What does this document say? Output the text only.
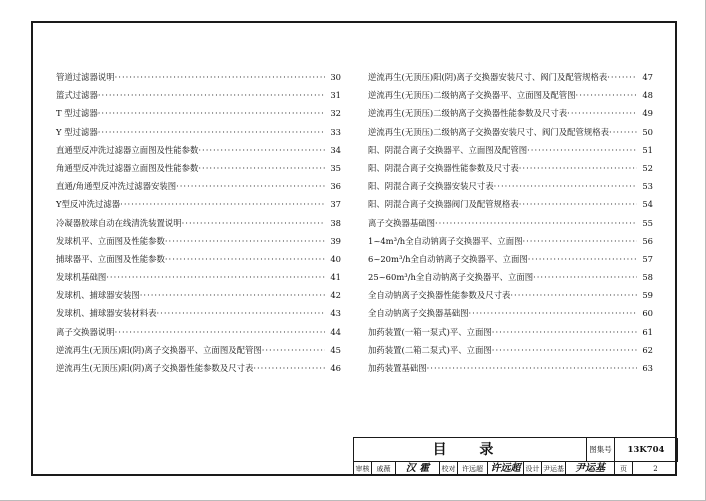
管道过滤器说明 ·····	30
篮式过滤器 ·····	31
T 型过滤器 ·····	32
Y 型过滤器 ·····	33
直通型反冲洗过滤器立面图及性能参数 ·····	34
角通型反冲洗过滤器立面图及性能参数 ·····	35
直通/角通型反冲洗过滤器安装图 ·····	36
Y型反冲洗过滤器 ·····	37
冷凝器胶球自动在线清洗装置说明 ·····	38
发球机平、立面图及性能参数 ·····	39
捕球器平、立面图及性能参数 ·····	40
发球机基础图 ·····	41
发球机、捕球器安装图 ·····	42
发球机、捕球器安装材料表 ·····	43
离子交换器说明 ·····	44
逆流再生(无顶压)阳(阴)离子交换器平、立面图及配管图 ·····	45
逆流再生(无顶压)阳(阴)离子交换器性能参数及尺寸表 ·····	46
逆流再生(无顶压)阳(阴)离子交换器安装尺寸、阀门及配管规格表 ·····	47
逆流再生(无顶压)二级钠离子交换器平、立面图及配管图 ·····	48
逆流再生(无顶压)二级钠离子交换器性能参数及尺寸表 ·····	49
逆流再生(无顶压)二级钠离子交换器安装尺寸、阀门及配管规格表 ·····	50
阳、阴混合离子交换器平、立面图及配管图 ·····	51
阳、阴混合离子交换器性能参数及尺寸表 ·····	52
阳、阴混合离子交换器安装尺寸表 ·····	53
阳、阴混合离子交换器阀门及配管规格表 ·····	54
离子交换器基础图 ·····	55
1~4m³/h全自动钠离子交换器平、立面图 ·····	56
6~20m³/h全自动钠离子交换器平、立面图 ·····	57
25~60m³/h全自动钠离子交换器平、立面图 ·····	58
全自动钠离子交换器性能参数及尺寸表 ·····	59
全自动钠离子交换器基础图 ·····	60
加药装置(一箱一泵式)平、立面图 ·····	61
加药装置(二箱二泵式)平、立面图 ·····	62
加药装置基础图 ·····	63
目 录	图集号	13K704
审核	戚薇	汉 霍	校对 许远超 许远超 设计 尹运基	尹运基	页	2
